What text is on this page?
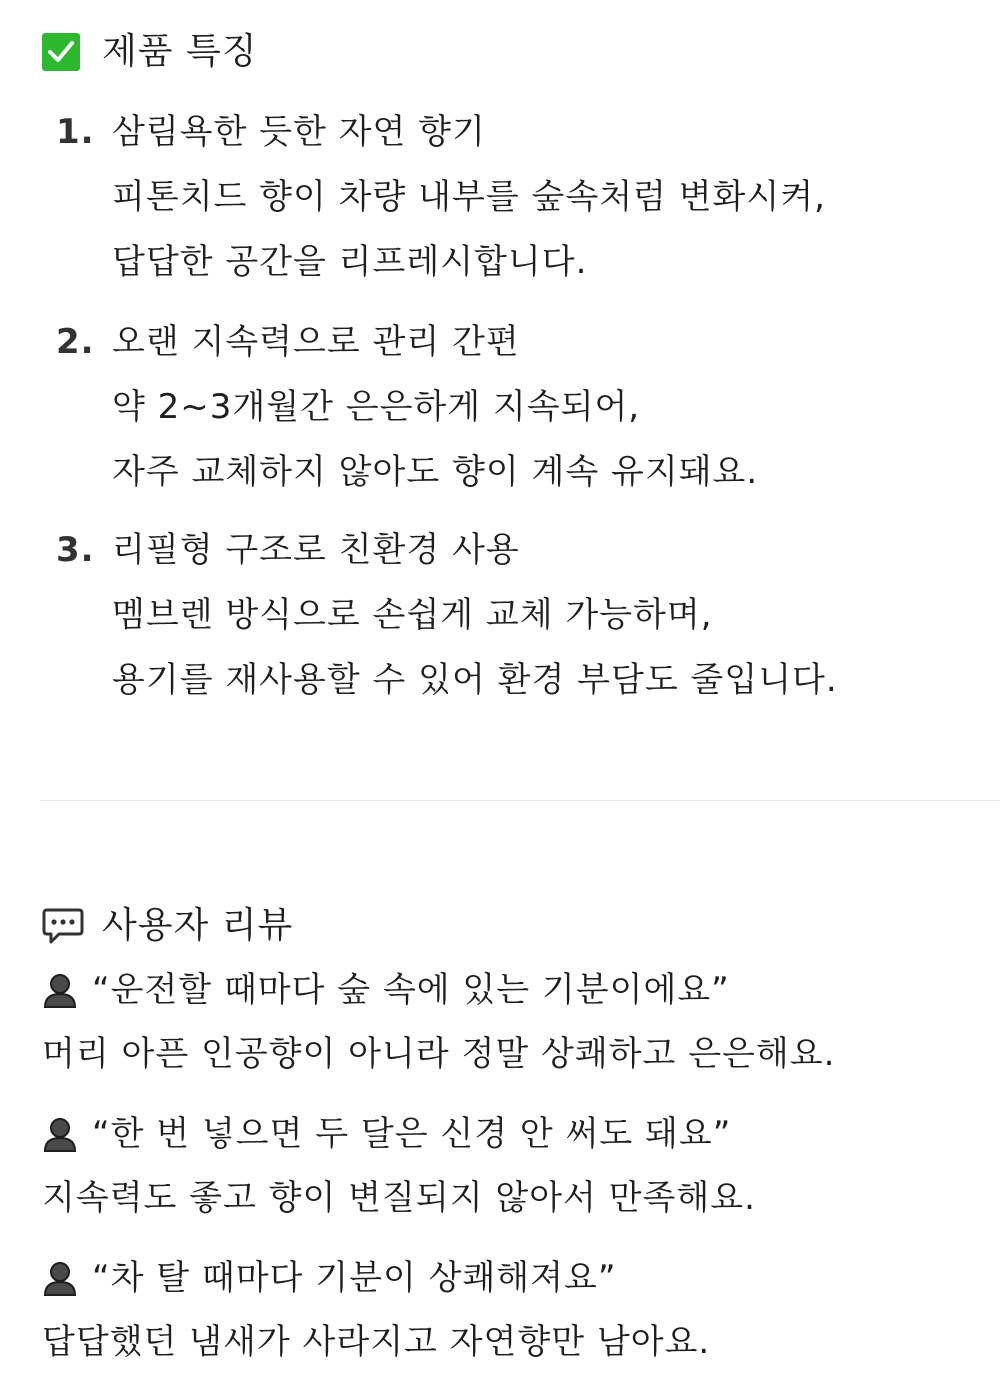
제품 특징
1. 삼림욕한 듯한 자연 향기
피톤치드 향이 차량 내부를 숲속처럼 변화시켜,
답답한 공간을 리프레시합니다.
2. 오랜 지속력으로 관리 간편
약 2~3개월간 은은하게 지속되어,
자주 교체하지 않아도 향이 계속 유지돼요.
3. 리필형 구조로 친환경 사용
멤브렌 방식으로 손쉽게 교체 가능하며,
용기를 재사용할 수 있어 환경 부담도 줄입니다.
사용자 리뷰
“운전할 때마다 숲 속에 있는 기분이에요”
머리 아픈 인공향이 아니라 정말 상쾌하고 은은해요.
“한 번 넣으면 두 달은 신경 안 써도 돼요”
지속력도 좋고 향이 변질되지 않아서 만족해요.
“차 탈 때마다 기분이 상쾌해져요”
답답했던 냄새가 사라지고 자연향만 남아요.
